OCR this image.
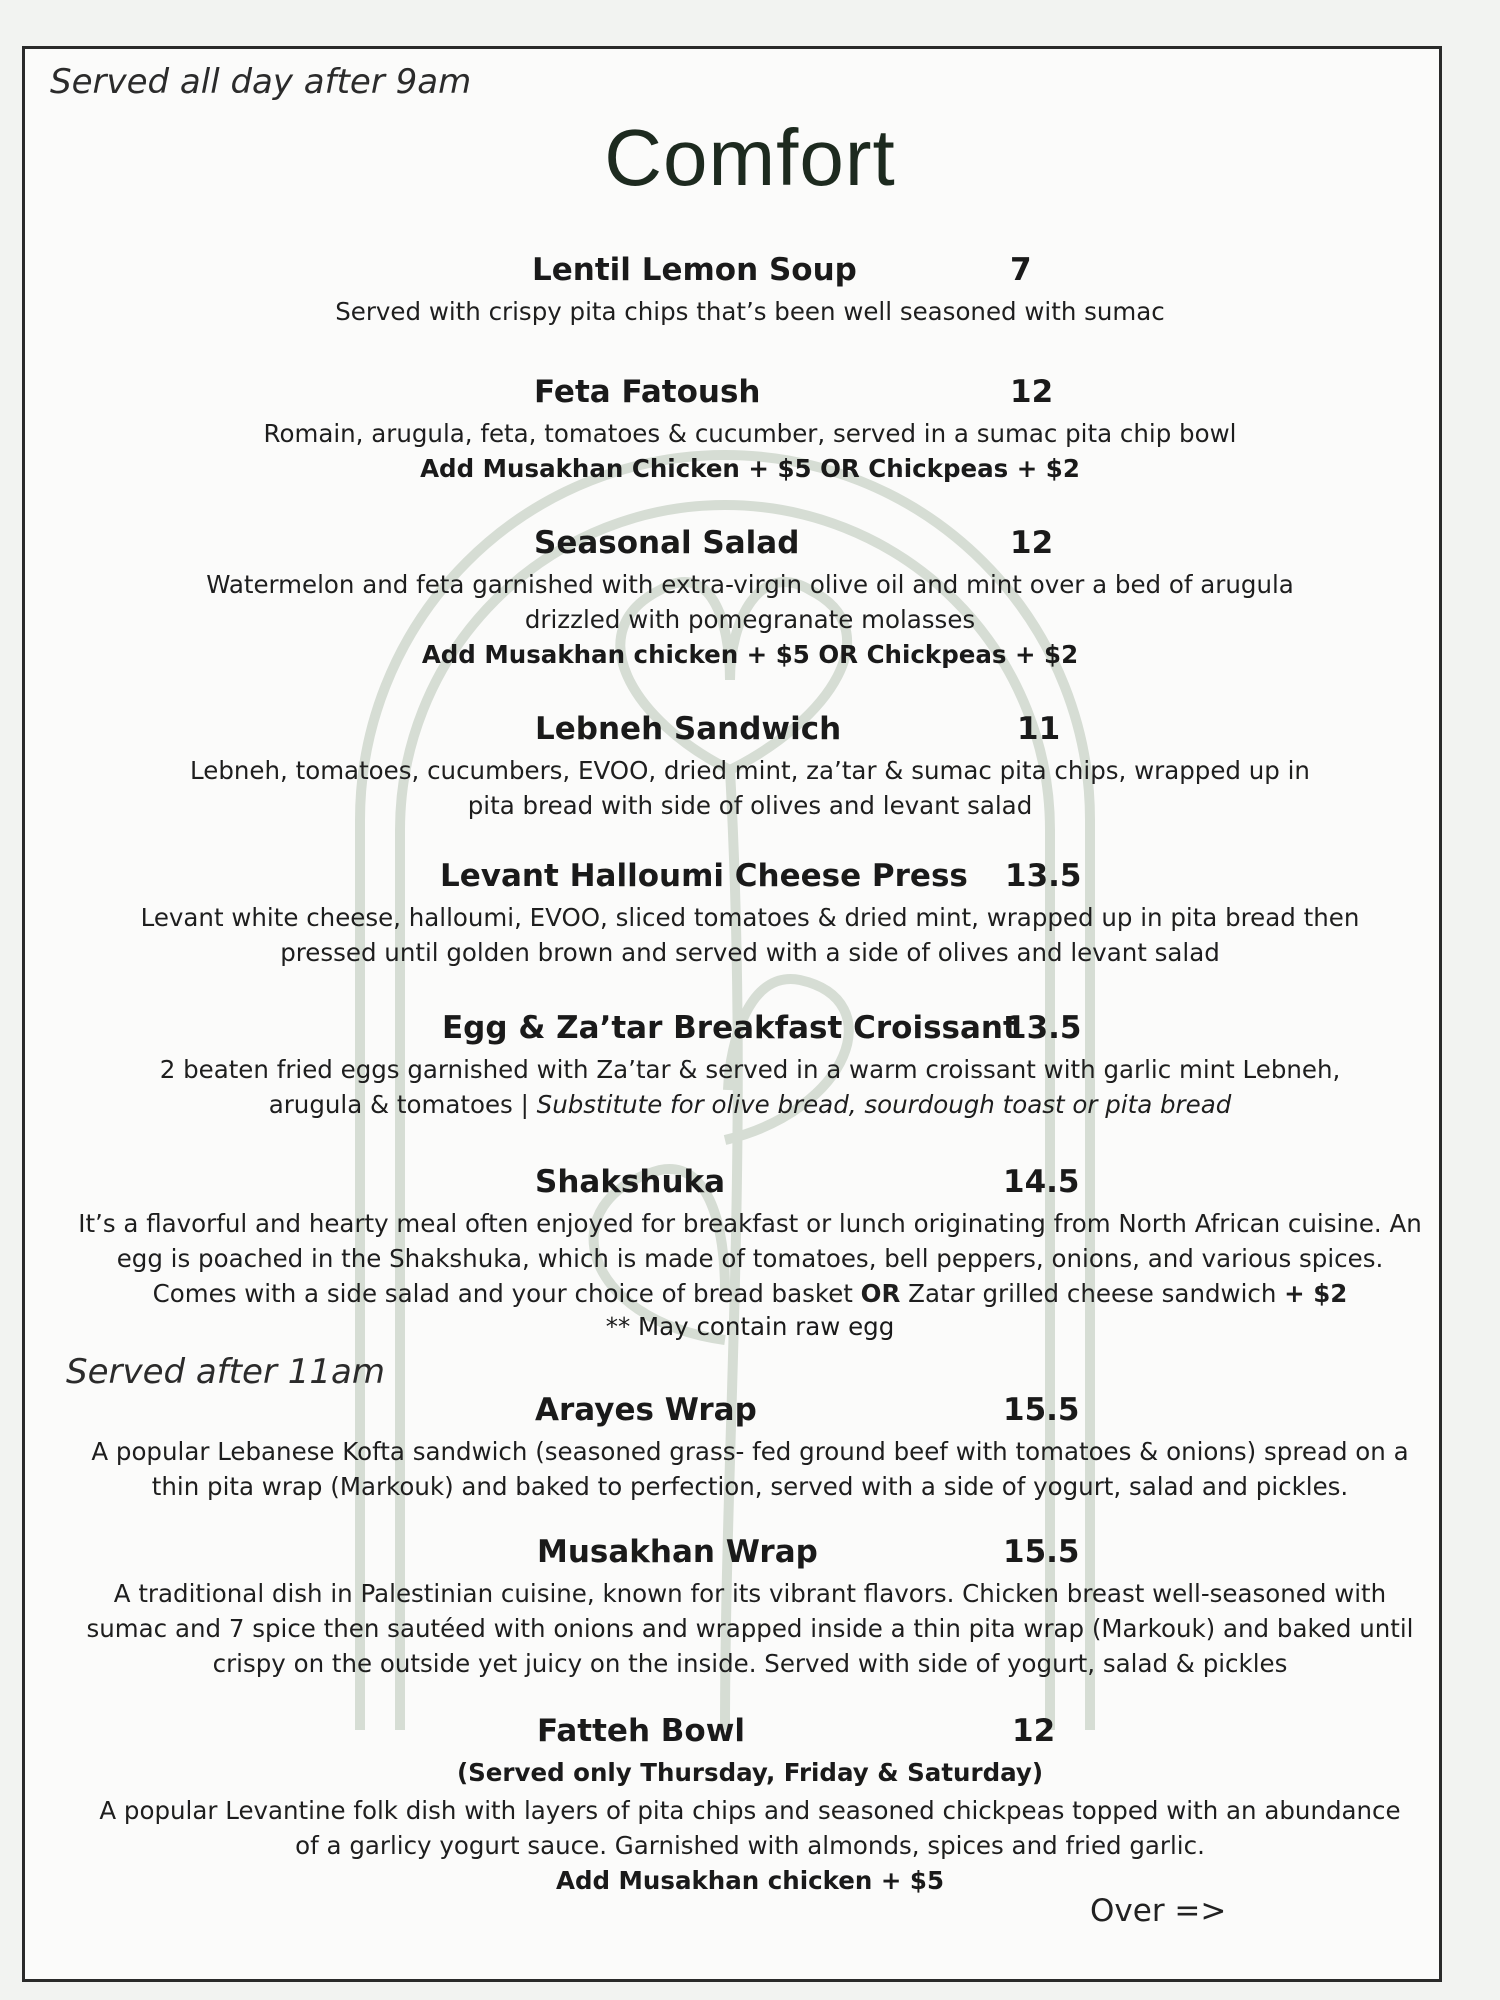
Served all day after 9am
Comfort
Lentil Lemon Soup	7
Served with crispy pita chips that’s been well seasoned with sumac
Feta Fatoush	12
Romain, arugula, feta, tomatoes & cucumber, served in a sumac pita chip bowl
Add Musakhan Chicken + $5 OR Chickpeas + $2
Seasonal Salad	12
Watermelon and feta garnished with extra-virgin olive oil and mint over a bed of arugula
drizzled with pomegranate molasses
Add Musakhan chicken + $5 OR Chickpeas + $2
Lebneh Sandwich	11
Lebneh, tomatoes, cucumbers, EVOO, dried mint, za’tar & sumac pita chips, wrapped up in
pita bread with side of olives and levant salad
Levant Halloumi Cheese Press 13.5
Levant white cheese, halloumi, EVOO, sliced tomatoes & dried mint, wrapped up in pita bread then
pressed until golden brown and served with a side of olives and levant salad
Egg & Za’tar Breakfast Croissant
13.5
2 beaten fried eggs garnished with Za’tar & served in a warm croissant with garlic mint Lebneh,
arugula & tomatoes | Substitute for olive bread, sourdough toast or pita bread
Shakshuka	14.5
It’s a flavorful and hearty meal often enjoyed for breakfast or lunch originating from North African cuisine. An
egg is poached in the Shakshuka, which is made of tomatoes, bell peppers, onions, and various spices.
Comes with a side salad and your choice of bread basket OR Zatar grilled cheese sandwich + $2
** May contain raw egg
Served after 11am
Arayes Wrap	15.5
A popular Lebanese Kofta sandwich (seasoned grass- fed ground beef with tomatoes & onions) spread on a
thin pita wrap (Markouk) and baked to perfection, served with a side of yogurt, salad and pickles.
Musakhan Wrap	15.5
A traditional dish in Palestinian cuisine, known for its vibrant flavors. Chicken breast well-seasoned with
sumac and 7 spice then sautéed with onions and wrapped inside a thin pita wrap (Markouk) and baked until
crispy on the outside yet juicy on the inside. Served with side of yogurt, salad & pickles
Fatteh Bowl	12
(Served only Thursday, Friday & Saturday)
A popular Levantine folk dish with layers of pita chips and seasoned chickpeas topped with an abundance
of a garlicy yogurt sauce. Garnished with almonds, spices and fried garlic.
Add Musakhan chicken + $5
Over =>
